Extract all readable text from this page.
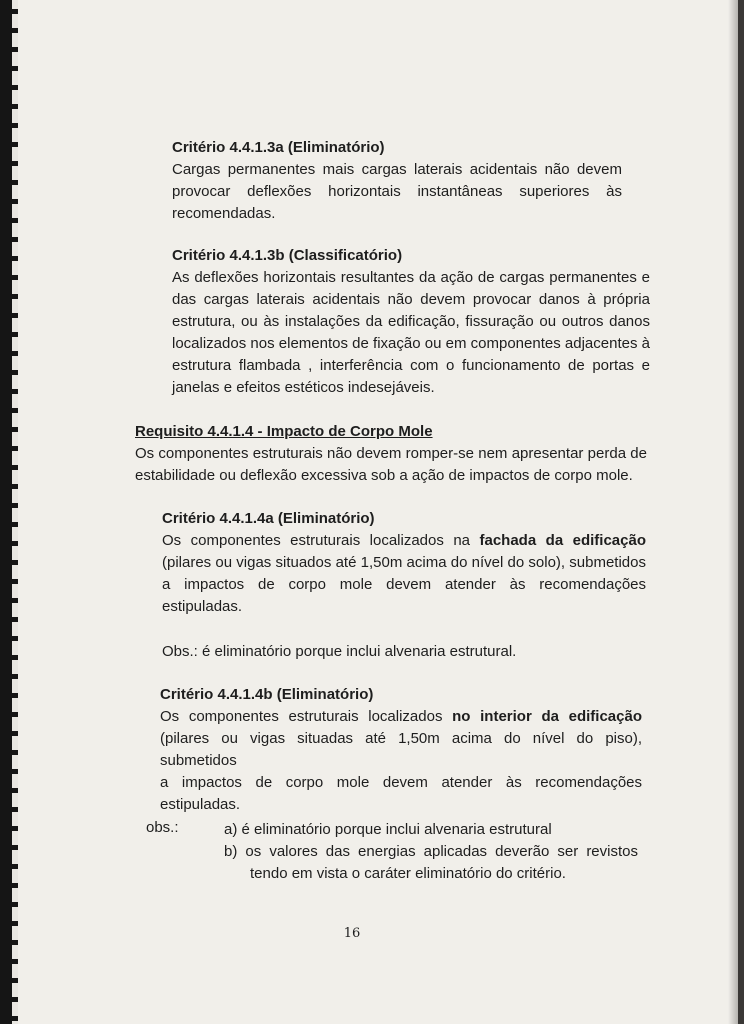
Critério 4.4.1.3a (Eliminatório)
Cargas permanentes mais cargas laterais acidentais não devem
provocar deflexões horizontais instantâneas superiores às
recomendadas.
Critério 4.4.1.3b (Classificatório)
As deflexões horizontais resultantes da ação de cargas permanentes e
das cargas laterais acidentais não devem provocar danos à própria
estrutura, ou às instalações da edificação, fissuração ou outros danos
localizados nos elementos de fixação ou em componentes adjacentes à
estrutura flambada , interferência com o funcionamento de portas e
janelas e efeitos estéticos indesejáveis.
Requisito 4.4.1.4 - Impacto de Corpo Mole
Os componentes estruturais não devem romper-se nem apresentar perda de
estabilidade ou deflexão excessiva sob a ação de impactos de corpo mole.
Critério 4.4.1.4a (Eliminatório)
Os componentes estruturais localizados na fachada da edificação
(pilares ou vigas situados até 1,50m acima do nível do solo), submetidos
a impactos de corpo mole devem atender às recomendações
estipuladas.
Obs.: é eliminatório porque inclui alvenaria estrutural.
Critério 4.4.1.4b (Eliminatório)
Os componentes estruturais localizados no interior da edificação
(pilares ou vigas situadas até 1,50m acima do nível do piso), submetidos
a impactos de corpo mole devem atender às recomendações
estipuladas.
obs.:	a) é eliminatório porque inclui alvenaria estrutural
b) os valores das energias aplicadas deverão ser revistos
tendo em vista o caráter eliminatório do critério.
16
